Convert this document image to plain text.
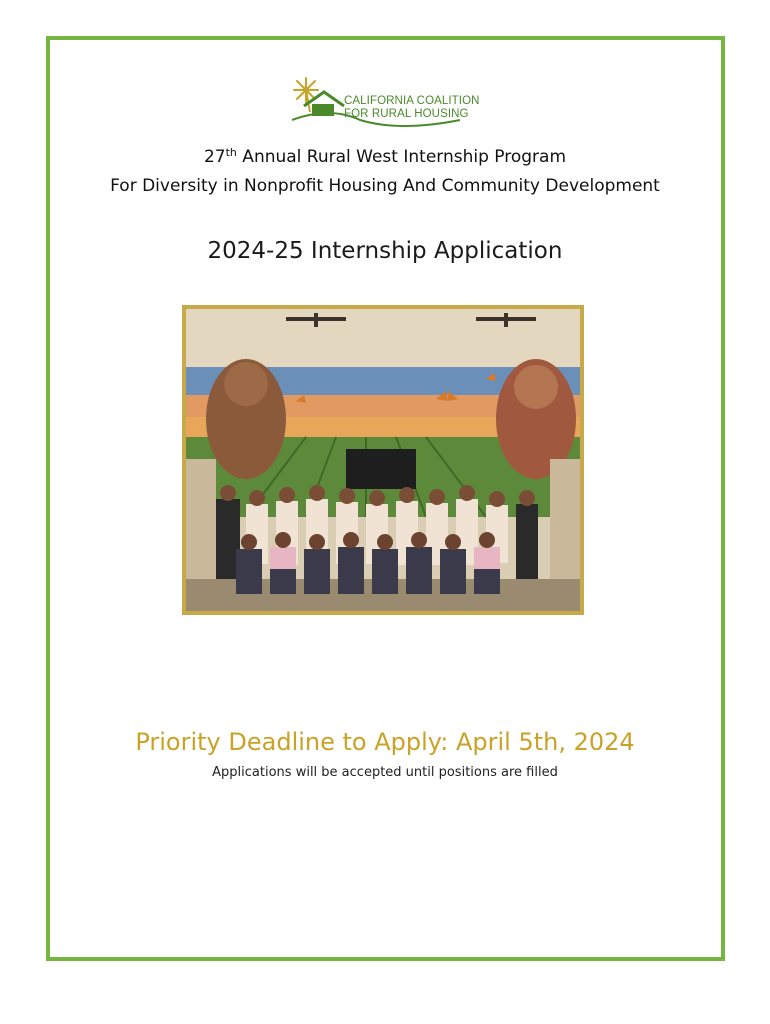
CALIFORNIA COALITION
FOR RURAL HOUSING
27th Annual Rural West Internship Program
For Diversity in Nonprofit Housing And Community Development
2024-25 Internship Application
Priority Deadline to Apply: April 5th, 2024
Applications will be accepted until positions are filled
